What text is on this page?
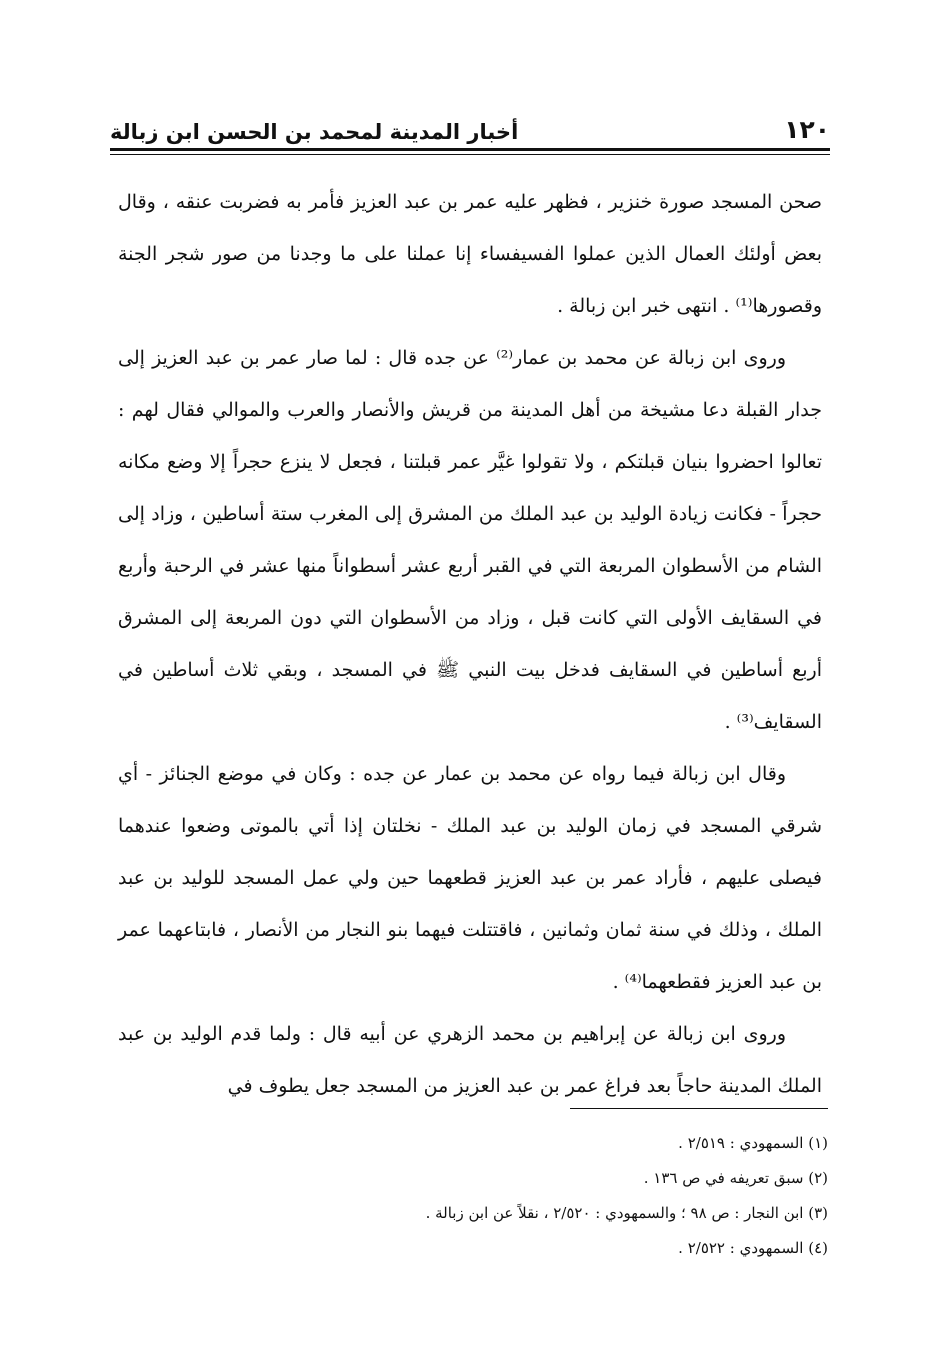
١٢٠
أخبار المدينة لمحمد بن الحسن ابن زبالة

صحن المسجد صورة خنزير ، فظهر عليه عمر بن عبد العزيز فأمر به فضربت عنقه ، وقال بعض أولئك العمال الذين عملوا الفسيفساء إنا عملنا على ما وجدنا من صور شجر الجنة وقصورها⁽¹⁾ . انتهى خبر ابن زبالة .

وروى ابن زبالة عن محمد بن عمار⁽²⁾ عن جده قال : لما صار عمر بن عبد العزيز إلى جدار القبلة دعا مشيخة من أهل المدينة من قريش والأنصار والعرب والموالي فقال لهم : تعالوا احضروا بنيان قبلتكم ، ولا تقولوا غيَّر عمر قبلتنا ، فجعل لا ينزع حجراً إلا وضع مكانه حجراً - فكانت زيادة الوليد بن عبد الملك من المشرق إلى المغرب ستة أساطين ، وزاد إلى الشام من الأسطوان المربعة التي في القبر أربع عشر أسطواناً منها عشر في الرحبة وأربع في السقايف الأولى التي كانت قبل ، وزاد من الأسطوان التي دون المربعة إلى المشرق أربع أساطين في السقايف فدخل بيت النبي ﷺ في المسجد ، وبقي ثلاث أساطين في السقايف⁽³⁾ .

وقال ابن زبالة فيما رواه عن محمد بن عمار عن جده : وكان في موضع الجنائز - أي شرقي المسجد في زمان الوليد بن عبد الملك - نخلتان إذا أتي بالموتى وضعوا عندهما فيصلى عليهم ، فأراد عمر بن عبد العزيز قطعهما حين ولي عمل المسجد للوليد بن عبد الملك ، وذلك في سنة ثمان وثمانين ، فاقتتلت فيهما بنو النجار من الأنصار ، فابتاعهما عمر بن عبد العزيز فقطعهما⁽⁴⁾ .

وروى ابن زبالة عن إبراهيم بن محمد الزهري عن أبيه قال : ولما قدم الوليد بن عبد الملك المدينة حاجاً بعد فراغ عمر بن عبد العزيز من المسجد جعل يطوف في

(١) السمهودي : ٢/٥١٩ .

(٢) سبق تعريفه في ص ١٣٦ .

(٣) ابن النجار : ص ٩٨ ؛ والسمهودي : ٢/٥٢٠ ، نقلاً عن ابن زبالة .

(٤) السمهودي : ٢/٥٢٢ .
